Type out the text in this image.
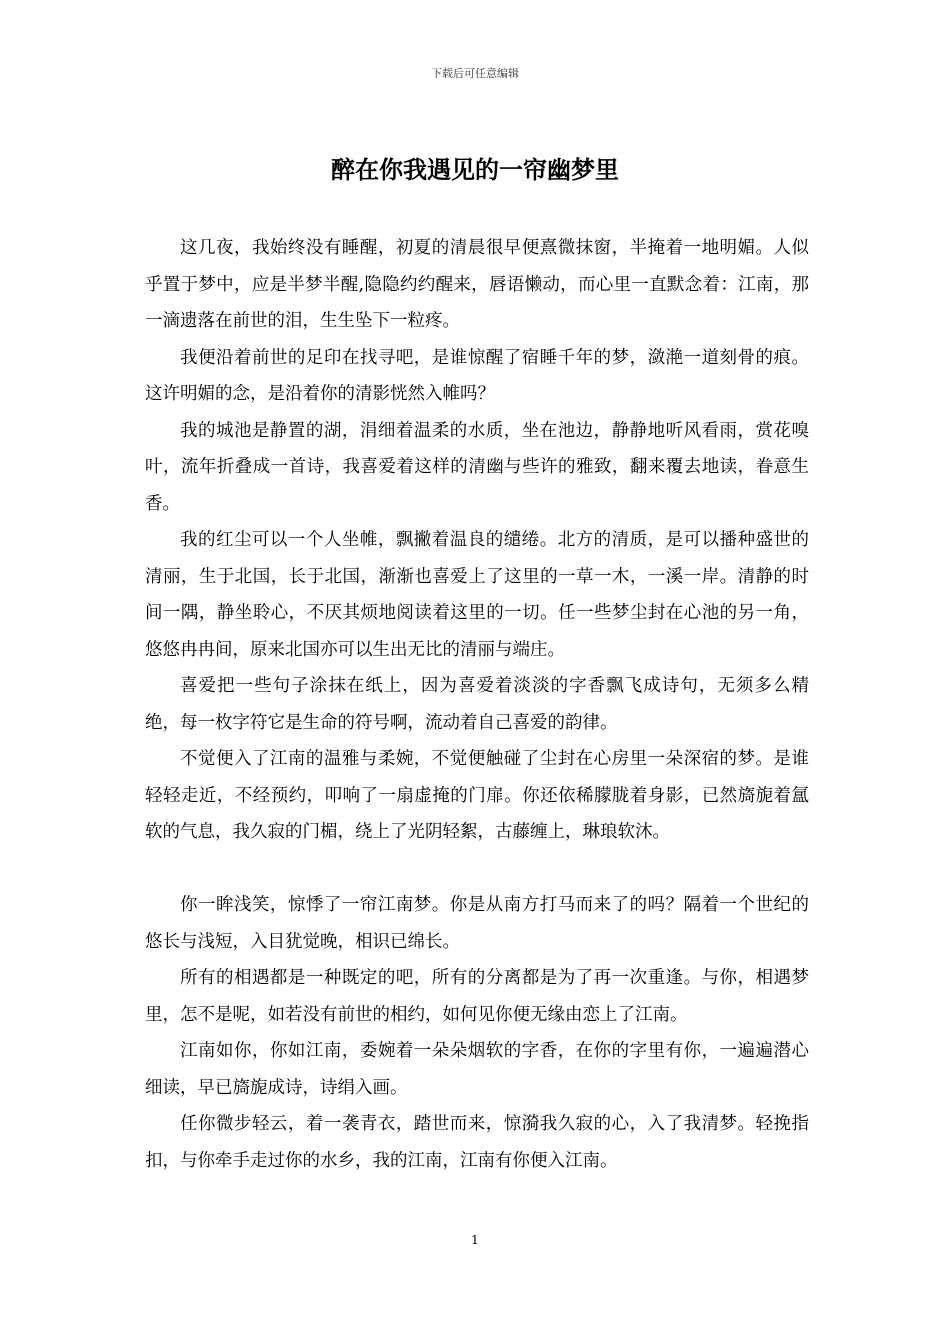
下载后可任意编辑
醉在你我遇见的一帘幽梦里

这几夜，我始终没有睡醒，初夏的清晨很早便熹微抹窗，半掩着一地明媚。人似乎置于梦中，应是半梦半醒,隐隐约约醒来，唇语懒动，而心里一直默念着：江南，那一滴遗落在前世的泪，生生坠下一粒疼。

我便沿着前世的足印在找寻吧，是谁惊醒了宿睡千年的梦，潋滟一道刻骨的痕。这许明媚的念，是沿着你的清影恍然入帷吗？

我的城池是静置的湖，涓细着温柔的水质，坐在池边，静静地听风看雨，赏花嗅叶，流年折叠成一首诗，我喜爱着这样的清幽与些许的雅致，翻来覆去地读，眷意生香。

我的红尘可以一个人坐帷，飘撇着温良的缱绻。北方的清质，是可以播种盛世的清丽，生于北国，长于北国，渐渐也喜爱上了这里的一草一木，一溪一岸。清静的时间一隅，静坐聆心，不厌其烦地阅读着这里的一切。任一些梦尘封在心池的另一角，悠悠冉冉间，原来北国亦可以生出无比的清丽与端庄。

喜爱把一些句子涂抹在纸上，因为喜爱着淡淡的字香飘飞成诗句，无须多么精绝，每一枚字符它是生命的符号啊，流动着自己喜爱的韵律。

不觉便入了江南的温雅与柔婉，不觉便触碰了尘封在心房里一朵深宿的梦。是谁轻轻走近，不经预约，叩响了一扇虚掩的门扉。你还依稀朦胧着身影，已然旖旎着氲软的气息，我久寂的门楣，绕上了光阴轻絮，古藤缠上，琳琅软沐。

你一眸浅笑，惊悸了一帘江南梦。你是从南方打马而来了的吗？隔着一个世纪的悠长与浅短，入目犹觉晚，相识已绵长。

所有的相遇都是一种既定的吧，所有的分离都是为了再一次重逢。与你，相遇梦里，怎不是呢，如若没有前世的相约，如何见你便无缘由恋上了江南。

江南如你，你如江南，委婉着一朵朵烟软的字香，在你的字里有你，一遍遍潜心细读，早已旖旎成诗，诗绢入画。

任你微步轻云，着一袭青衣，踏世而来，惊漪我久寂的心，入了我清梦。轻挽指扣，与你牵手走过你的水乡，我的江南，江南有你便入江南。

1
